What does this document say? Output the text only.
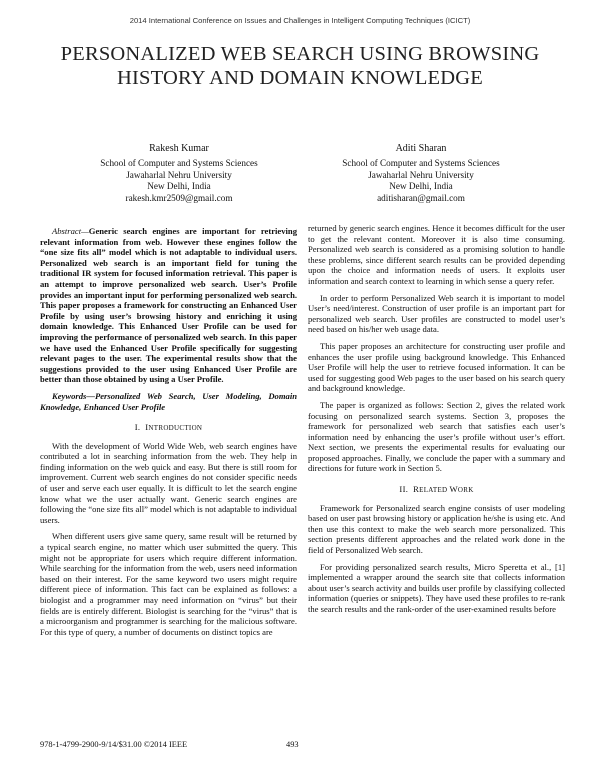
2014 International Conference on Issues and Challenges in Intelligent Computing Techniques (ICICT)
PERSONALIZED WEB SEARCH USING BROWSING HISTORY AND DOMAIN KNOWLEDGE
Rakesh Kumar
School of Computer and Systems Sciences
Jawaharlal Nehru University
New Delhi, India
rakesh.kmr2509@gmail.com
Aditi Sharan
School of Computer and Systems Sciences
Jawaharlal Nehru University
New Delhi, India
aditisharan@gmail.com

Abstract—Generic search engines are important for retrieving relevant information from web. However these engines follow the “one size fits all” model which is not adaptable to individual users. Personalized web search is an important field for tuning the traditional IR system for focused information retrieval. This paper is an attempt to improve personalized web search. User’s Profile provides an important input for performing personalized web search. This paper proposes a framework for constructing an Enhanced User Profile by using user’s browsing history and enriching it using domain knowledge. This Enhanced User Profile can be used for improving the performance of personalized web search. In this paper we have used the Enhanced User Profile specifically for suggesting relevant pages to the user. The experimental results show that the suggestions provided to the user using Enhanced User Profile are better than those obtained by using a User Profile.

Keywords—Personalized Web Search, User Modeling, Domain Knowledge, Enhanced User Profile

I. INTRODUCTION

With the development of World Wide Web, web search engines have contributed a lot in searching information from the web. They help in finding information on the web quick and easy. But there is still room for improvement. Current web search engines do not consider specific needs of user and serve each user equally. It is difficult to let the search engine know what we the user actually want. Generic search engines are following the “one size fits all” model which is not adaptable to individual users.

When different users give same query, same result will be returned by a typical search engine, no matter which user submitted the query. This might not be appropriate for users which require different information. While searching for the information from the web, users need information based on their interest. For the same keyword two users might require different piece of information. This fact can be explained as follows: a biologist and a programmer may need information on “virus” but their fields are is entirely different. Biologist is searching for the “virus” that is a microorganism and programmer is searching for the malicious software. For this type of query, a number of documents on distinct topics are

returned by generic search engines. Hence it becomes difficult for the user to get the relevant content. Moreover it is also time consuming. Personalized web search is considered as a promising solution to handle these problems, since different search results can be provided depending upon the choice and information needs of users. It exploits user information and search context to learning in which sense a query refer.

In order to perform Personalized Web search it is important to model User’s need/interest. Construction of user profile is an important part for personalized web search. User profiles are constructed to model user’s need based on his/her web usage data.

This paper proposes an architecture for constructing user profile and enhances the user profile using background knowledge. This Enhanced User Profile will help the user to retrieve focused information. It can be used for suggesting good Web pages to the user based on his search query and background knowledge.

The paper is organized as follows: Section 2, gives the related work focusing on personalized search systems. Section 3, proposes the framework for personalized web search that satisfies each user’s information need by enhancing the user’s profile without user’s effort. Next section, we presents the experimental results for evaluating our proposed approaches. Finally, we conclude the paper with a summary and directions for future work in Section 5.

II. RELATED WORK

Framework for Personalized search engine consists of user modeling based on user past browsing history or application he/she is using etc. And then use this context to make the web search more personalized. This section presents different approaches and the related work done in the field of Personalized Web search.

For providing personalized search results, Micro Speretta et al., [1] implemented a wrapper around the search site that collects information about user’s search activity and builds user profile by classifying collected information (queries or snippets). They have used these profiles to re-rank the search results and the rank-order of the user-examined results before

978-1-4799-2900-9/14/$31.00 ©2014 IEEE	493
